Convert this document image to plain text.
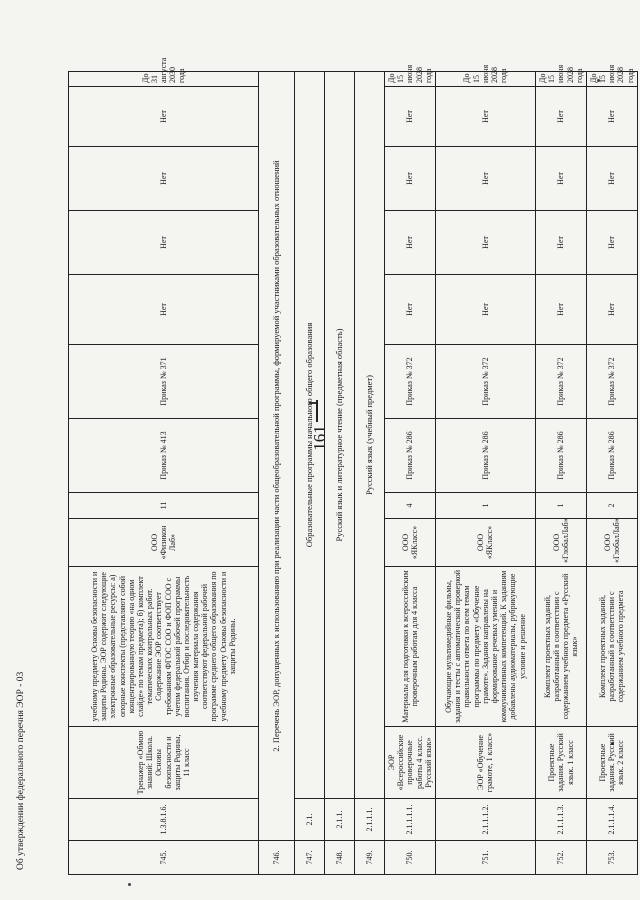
161
745.	1.3.8.1.6.	Тренажер «Обмою знаний: Школа. Основы безопасности и защиты Родины, 11 класс	учебному предмету Основы безопасности и защиты Родины. ЭОР содержит следующие электронные образовательные ресурсы: а) опорные конспекты (представляют собой концентрированную теорию «на одном слайде» по темам предмета); б) комплект тематических контрольных работ. Содержание ЭОР соответствует требованиям ФГОС СОО и ФОП СОО с учетом федеральной рабочей программы воспитания. Отбор и последовательность изучения материала содержания соответствуют федеральной рабочей программе среднего общего образования по учебному предмету Основы безопасности и защиты Родины.	ООО «Физикон Лаб»	11	Приказ № 413	Приказ № 371	Нет	Нет	Нет	Нет	До 31 августа 2030 года
746.	2. Перечень ЭОР, допущенных к использованию при реализации части общеобразовательной программы, формируемой участниками образовательных отношений											
747.	2.1.	Образовательные программы начального общего образования										
748.	2.1.1.	Русский язык и литературное чтение (предметная область)										
749.	2.1.1.1.	Русский язык (учебный предмет)										
750.	2.1.1.1.1.	ЭОР «Всероссийские проверочные работы 4 класс. Русский язык»	Материалы для подготовки к всероссийским проверочным работам для 4 класса	ООО «ЯКласс»	4	Приказ № 286	Приказ № 372	Нет	Нет	Нет	Нет	До 15 июня 2028 года
751.	2.1.1.1.2.	ЭОР «Обучение грамоте, 1 класс»	Обучающие мультимедийные фильмы, задания и тесты с автоматической проверкой правильности ответа по всем темам программы по предмету «Обучение грамоте». Задания направлены на формирование речевых умений и коммуникативных компетенций. К заданиям добавлены аудиоматериалы, рубрикующие условие и решение	ООО «ЯКласс»	1	Приказ № 286	Приказ № 372	Нет	Нет	Нет	Нет	До 15 июня 2028 года
752.	2.1.1.1.3.	Проектные задания. Русский язык. 1 класс	Комплект проектных заданий, разработанный в соответствии с содержанием учебного предмета «Русский язык»	ООО «ГлобалЛаб»	1	Приказ № 286	Приказ № 372	Нет	Нет	Нет	Нет	До 15 июня 2028 года
753.	2.1.1.1.4.	Проектные задания. Русский язык. 2 класс	Комплект проектных заданий, разработанный в соответствии с содержанием учебного предмета	ООО «ГлобалЛаб»	2	Приказ № 286	Приказ № 372	Нет	Нет	Нет	Нет	До 15 июня 2028 года
Об утверждении федерального перечня ЭОР - 03
